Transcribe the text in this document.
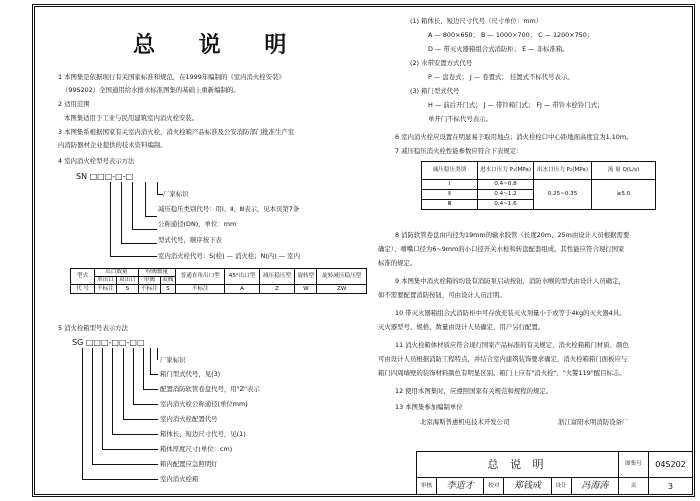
总 说 明
1 本图集是依据现行有关国家标准和规范，在1999年编制的《室内消火栓安装》
（99S202）全国通用给水排水标准图集的基础上重新编制的。
2 适用范围
本图集适用于工业与民用建筑室内消火栓安装。
3 本图集系根据国家有关室内消火栓、消火栓箱产品标准及公安消防部门批准生产室
内消防器材企业提供的技术资料编制。
4 室内消火栓型号表示方法
SN □□□-□-□
厂家标识
减压稳压类别代号：用Ⅰ、Ⅱ、Ⅲ表示，见本页第7条
公称通径(DN)，单位：mm
型式代号，顺序按下表
室内消火栓代号：S(栓) — 消火栓；N(内) — 室内
型式	出口数量		栓阀数量		普通直角出口型	45°出口型	减压稳压型	旋转型	旋转减压稳压型
	单出口	双出口	单阀	双阀					
代 号	不标注	S	不标注	S	不标注	A	Z	W	ZW
5 消火栓箱型号表示方法
SG □□□-□□-□□
厂家标识
箱门型式代号，见(3)
配置消防软管卷盘代号，用"Z"表示
室内消火栓公称通径(单位mm)
室内消火栓配置代号
箱体长、短边尺寸代号，见(1)
箱体厚度尺寸(单位：cm)
箱内配置应急照明灯
室内消火栓箱
(1) 箱体长、短边尺寸代号（尺寸单位：mm）
A — 800×650； B — 1000×700； C — 1200×750；
D — 带灭火器箱组合式消防柜； E — 非标准箱。
(2) 水带安置方式代号
P — 盘卷式； J — 卷置式； 挂置式不标代号表示。
(3) 箱门型式代号
H — 前后开门式； J — 带铃箱门式； FJ — 带铃木栓铃门式；
单开门不标代号表示。
6 室内消火栓应设置在明显易于取用地点；消火栓栓口中心距地面高度宜为1.10m。
7 减压稳压消火栓性能参数应符合下表规定：
减压稳压类别	进水口压力 P₁(MPa)	出水口压力 P₂(MPa)	流 量 Q(L/s)
Ⅰ	0.4~0.8	0.25~0.35	≥5.0
Ⅱ	0.4~1.2		
Ⅲ	0.4~1.6		
8 消防软管卷盘由内径为19mm的输水胶管（长度20m、25m由设计人员根据需要
确定）、喷嘴口径为6~9mm的小口径开关水枪和转盘配套组成。其性能应符合现行国家
标准的规定。
9 本图集中消火栓箱的均设有消防泵启动按钮，消防水喉的型式由设计人员确定，
如不需要配置消防按钮，可由设计人员注明。
10 带灭火器箱组合式消防柜中可存放充装灭火剂量小于或等于4kg的灭火器4具。
灭火器型号、规格、数量由设计人员确定，用户另行配置。
11 消火栓箱体材质应符合现行国家产品标准的有关规定，消火栓箱箱门材质、颜色
可由设计人员根据消防工程特点，并结合室内建筑装饰要求确定，消火栓箱箱门面板应与
箱门四周墙壁的装饰材料颜色有明显区别。箱门上应有"消火栓"、"火警119"醒目标志。
12 使用本图集时，应遵照国家有关规范和规程的规定。
13 本图集参加编制单位
北京海斯普惠机电技术开发公司	浙江富阳永明消防设备厂
总 说 明						图集号	04S202
审核	李造才	校对	郑钱成	设计	冯海涛	页	3
